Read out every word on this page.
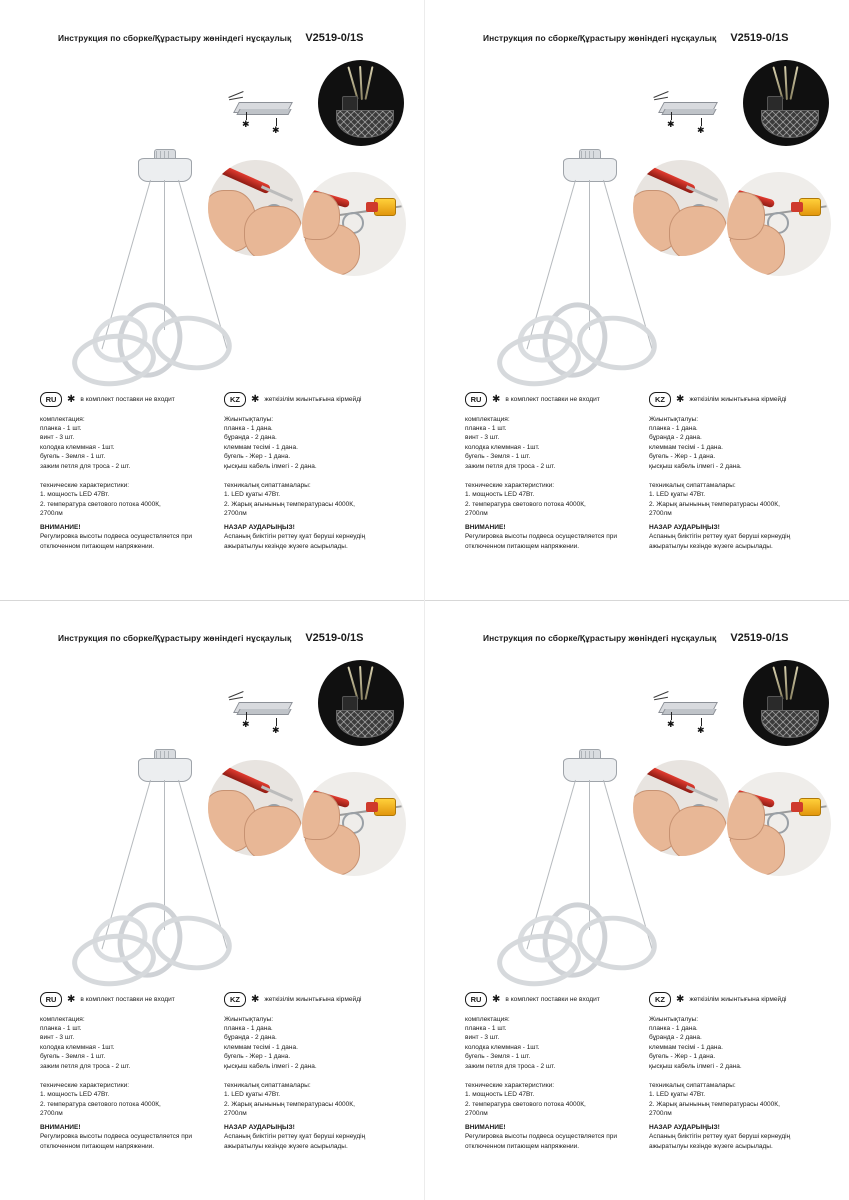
Инструкция по сборке/Құрастыру жөніндегі нұсқаулық V2519-0/1S
✱
✱
RU	✱ в комплект поставки не входит
комплектация:
планка - 1 шт.
винт - 3 шт.
колодка клеммная - 1шт.
бугель - Земля - 1 шт.
зажим петля для троса - 2 шт.
технические характеристики:
1. мощность LED 47Вт.
2. температура светового потока 4000К,
2700лм
ВНИМАНИЕ!
Регулировка высоты подвеса осуществляется при отключенном питающем напряжении.
KZ	✱ жеткізілім жиынтығына кірмейді
Жиынтықталуы:
планка - 1 дана.
бұранда - 2 дана.
клеммам тесімі - 1 дана.
бугель - Жер - 1 дана.
қысқыш кабель ілмегі - 2 дана.
техникалық сипаттамалары:
1. LED қуаты 47Вт.
2. Жарық ағынының температурасы 4000К,
2700лм
НАЗАР АУДАРЫҢЫЗ!
Аспаның биіктігін реттеу қуат беруші кернеудің ажыратылуы кезінде жүзеге асырылады.
Инструкция по сборке/Құрастыру жөніндегі нұсқаулық V2519-0/1S
✱
✱
RU	✱ в комплект поставки не входит
комплектация:
планка - 1 шт.
винт - 3 шт.
колодка клеммная - 1шт.
бугель - Земля - 1 шт.
зажим петля для троса - 2 шт.
технические характеристики:
1. мощность LED 47Вт.
2. температура светового потока 4000К,
2700лм
ВНИМАНИЕ!
Регулировка высоты подвеса осуществляется при отключенном питающем напряжении.
KZ	✱ жеткізілім жиынтығына кірмейді
Жиынтықталуы:
планка - 1 дана.
бұранда - 2 дана.
клеммам тесімі - 1 дана.
бугель - Жер - 1 дана.
қысқыш кабель ілмегі - 2 дана.
техникалық сипаттамалары:
1. LED қуаты 47Вт.
2. Жарық ағынының температурасы 4000К,
2700лм
НАЗАР АУДАРЫҢЫЗ!
Аспаның биіктігін реттеу қуат беруші кернеудің ажыратылуы кезінде жүзеге асырылады.
Инструкция по сборке/Құрастыру жөніндегі нұсқаулық V2519-0/1S
✱
✱
RU	✱ в комплект поставки не входит
комплектация:
планка - 1 шт.
винт - 3 шт.
колодка клеммная - 1шт.
бугель - Земля - 1 шт.
зажим петля для троса - 2 шт.
технические характеристики:
1. мощность LED 47Вт.
2. температура светового потока 4000К,
2700лм
ВНИМАНИЕ!
Регулировка высоты подвеса осуществляется при отключенном питающем напряжении.
KZ	✱ жеткізілім жиынтығына кірмейді
Жиынтықталуы:
планка - 1 дана.
бұранда - 2 дана.
клеммам тесімі - 1 дана.
бугель - Жер - 1 дана.
қысқыш кабель ілмегі - 2 дана.
техникалық сипаттамалары:
1. LED қуаты 47Вт.
2. Жарық ағынының температурасы 4000К,
2700лм
НАЗАР АУДАРЫҢЫЗ!
Аспаның биіктігін реттеу қуат беруші кернеудің ажыратылуы кезінде жүзеге асырылады.
Инструкция по сборке/Құрастыру жөніндегі нұсқаулық V2519-0/1S
✱
✱
RU	✱ в комплект поставки не входит
комплектация:
планка - 1 шт.
винт - 3 шт.
колодка клеммная - 1шт.
бугель - Земля - 1 шт.
зажим петля для троса - 2 шт.
технические характеристики:
1. мощность LED 47Вт.
2. температура светового потока 4000К,
2700лм
ВНИМАНИЕ!
Регулировка высоты подвеса осуществляется при отключенном питающем напряжении.
KZ	✱ жеткізілім жиынтығына кірмейді
Жиынтықталуы:
планка - 1 дана.
бұранда - 2 дана.
клеммам тесімі - 1 дана.
бугель - Жер - 1 дана.
қысқыш кабель ілмегі - 2 дана.
техникалық сипаттамалары:
1. LED қуаты 47Вт.
2. Жарық ағынының температурасы 4000К,
2700лм
НАЗАР АУДАРЫҢЫЗ!
Аспаның биіктігін реттеу қуат беруші кернеудің ажыратылуы кезінде жүзеге асырылады.
